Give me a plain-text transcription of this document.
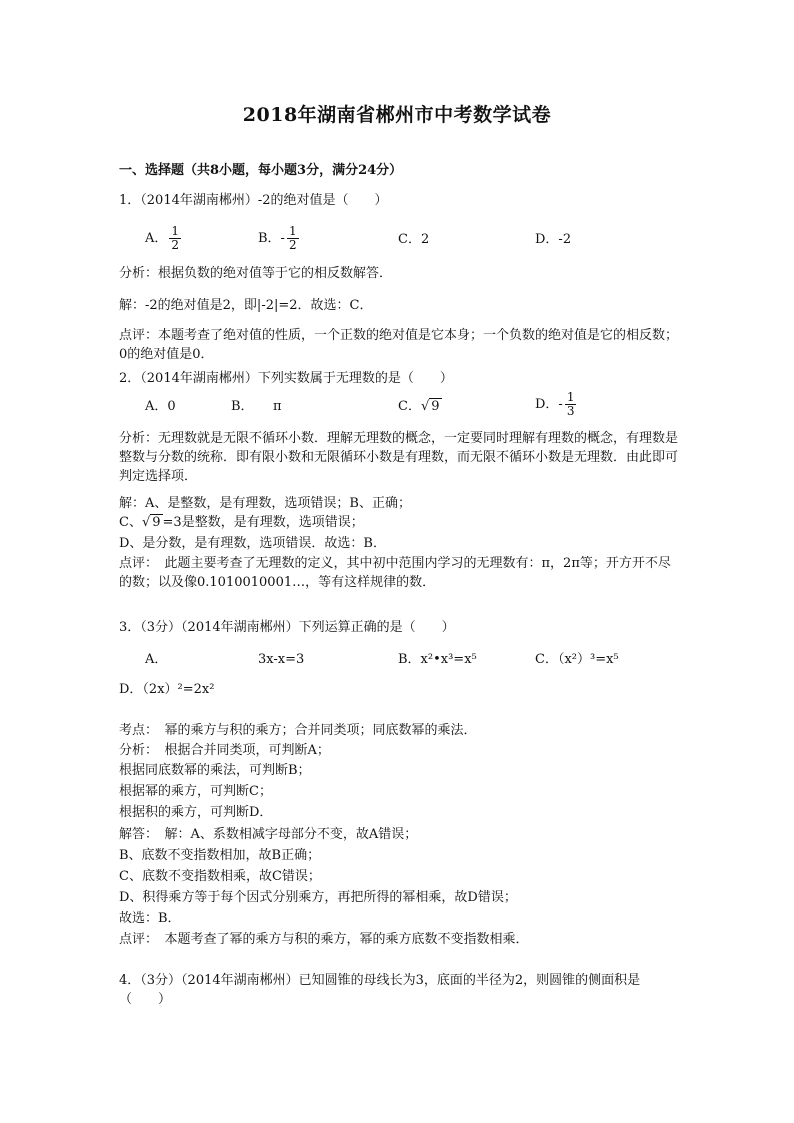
2018年湖南省郴州市中考数学试卷
一、选择题（共8小题，每小题3分，满分24分）
1．（2014年湖南郴州）-2的绝对值是（　　）
A． $\frac{1}{2}$	B．- $\frac{1}{2}$	C．2	D．-2
分析：根据负数的绝对值等于它的相反数解答．
解：-2的绝对值是2，即|-2|=2．故选：C．
点评：本题考查了绝对值的性质，一个正数的绝对值是它本身；一个负数的绝对值是它的相反数；0的绝对值是0．
2．（2014年湖南郴州）下列实数属于无理数的是（　　）
A．0	B．　　π	C．√ 9	D．- $\frac{1}{3}$
分析：无理数就是无限不循环小数．理解无理数的概念，一定要同时理解有理数的概念，有理数是整数与分数的统称．即有限小数和无限循环小数是有理数，而无限不循环小数是无理数．由此即可判定选择项．
解：A、是整数，是有理数，选项错误；B、正确；
C、√ 9 =3是整数，是有理数，选项错误；
D、是分数，是有理数，选项错误．故选：B．
点评：　此题主要考查了无理数的定义，其中初中范围内学习的无理数有：π，2π等；开方开不尽的数；以及像0.1010010001…，等有这样规律的数．
3．（3分）（2014年湖南郴州）下列运算正确的是（　　）
A．	3x-x=3	B．x²•x³=x⁵	C．（x²）³=x⁵
D．（2x）²=2x²
考点：　幂的乘方与积的乘方；合并同类项；同底数幂的乘法．
分析：　根据合并同类项，可判断A；
根据同底数幂的乘法，可判断B；
根据幂的乘方，可判断C；
根据积的乘方，可判断D．
解答：　解：A、系数相减字母部分不变，故A错误；
B、底数不变指数相加，故B正确；
C、底数不变指数相乘，故C错误；
D、积得乘方等于每个因式分别乘方，再把所得的幂相乘，故D错误；
故选：B．
点评：　本题考查了幂的乘方与积的乘方，幂的乘方底数不变指数相乘．
4．（3分）（2014年湖南郴州）已知圆锥的母线长为3，底面的半径为2，则圆锥的侧面积是（　　）
